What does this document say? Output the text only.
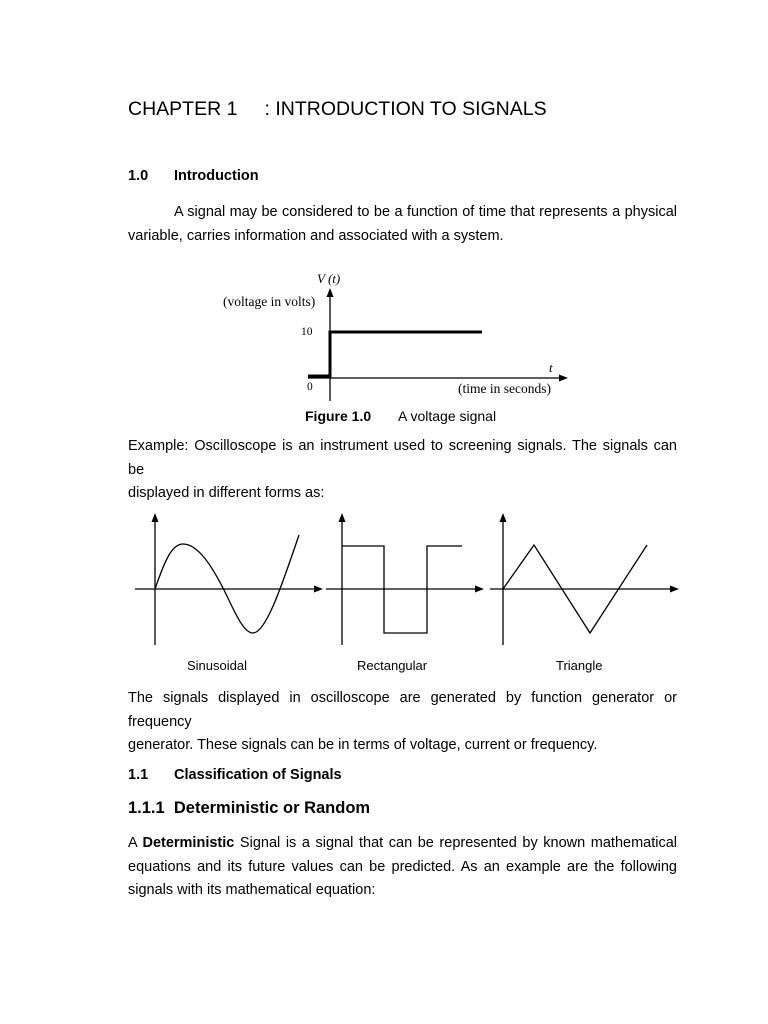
CHAPTER 1 : INTRODUCTION TO SIGNALS
1.0 Introduction
A signal may be considered to be a function of time that represents a physical
variable, carries information and associated with a system.
V (t)
(voltage in volts)
10
0
t
(time in seconds)
Figure 1.0 A voltage signal
Example: Oscilloscope is an instrument used to screening signals. The signals can be
displayed in different forms as:
Sinusoidal	Rectangular	Triangle
The signals displayed in oscilloscope are generated by function generator or frequency
generator. These signals can be in terms of voltage, current or frequency.
1.1 Classification of Signals
1.1.1  Deterministic or Random
A Deterministic Signal is a signal that can be represented by known mathematical
equations and its future values can be predicted. As an example are the following
signals with its mathematical equation:
